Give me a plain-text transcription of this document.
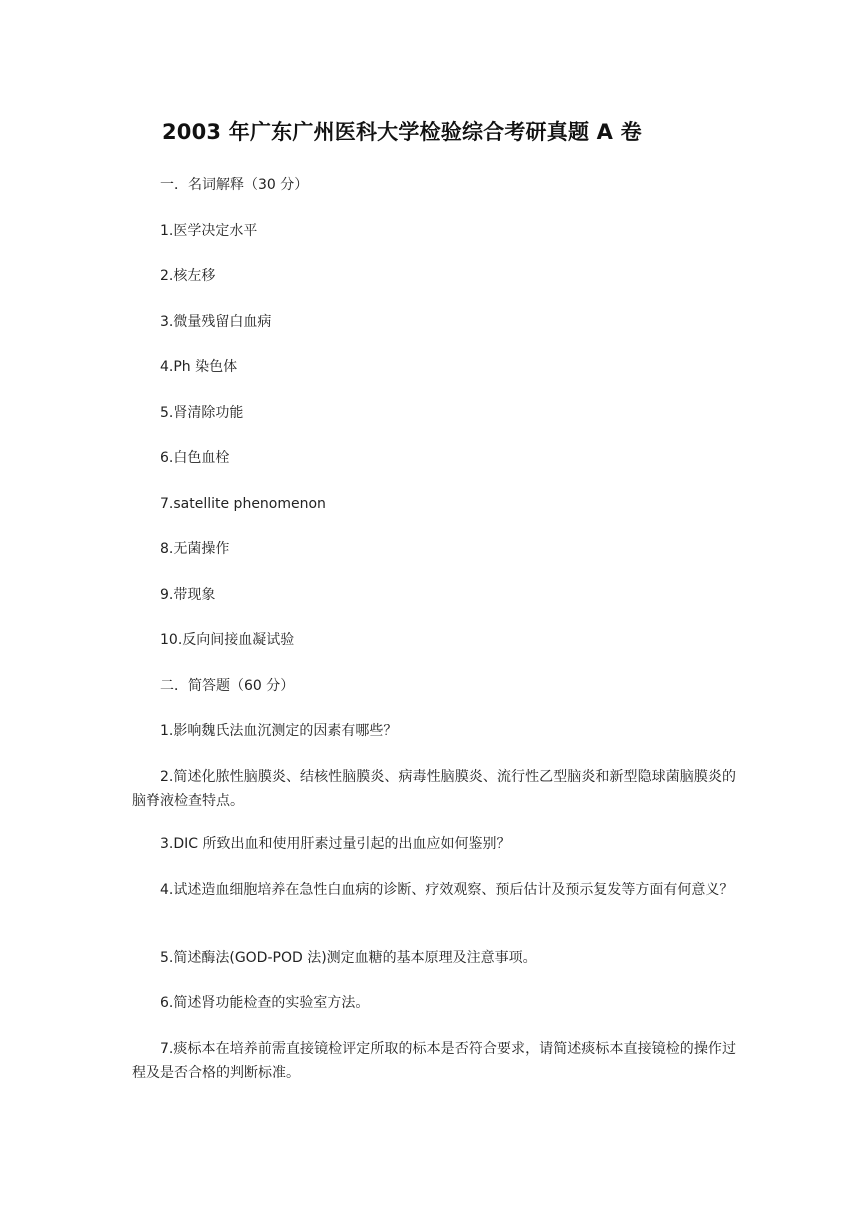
2003 年广东广州医科大学检验综合考研真题 A 卷
一．名词解释（30 分）
1.医学决定水平
2.核左移
3.微量残留白血病
4.Ph 染色体
5.肾清除功能
6.白色血栓
7.satellite phenomenon
8.无菌操作
9.带现象
10.反向间接血凝试验
二．简答题（60 分）
1.影响魏氏法血沉测定的因素有哪些？
2.简述化脓性脑膜炎、结核性脑膜炎、病毒性脑膜炎、流行性乙型脑炎和新型隐球菌脑膜炎的脑脊液检查特点。
3.DIC 所致出血和使用肝素过量引起的出血应如何鉴别？
4.试述造血细胞培养在急性白血病的诊断、疗效观察、预后估计及预示复发等方面有何意义？
5.简述酶法(GOD-POD 法)测定血糖的基本原理及注意事项。
6.简述肾功能检查的实验室方法。
7.痰标本在培养前需直接镜检评定所取的标本是否符合要求，请简述痰标本直接镜检的操作过程及是否合格的判断标准。
